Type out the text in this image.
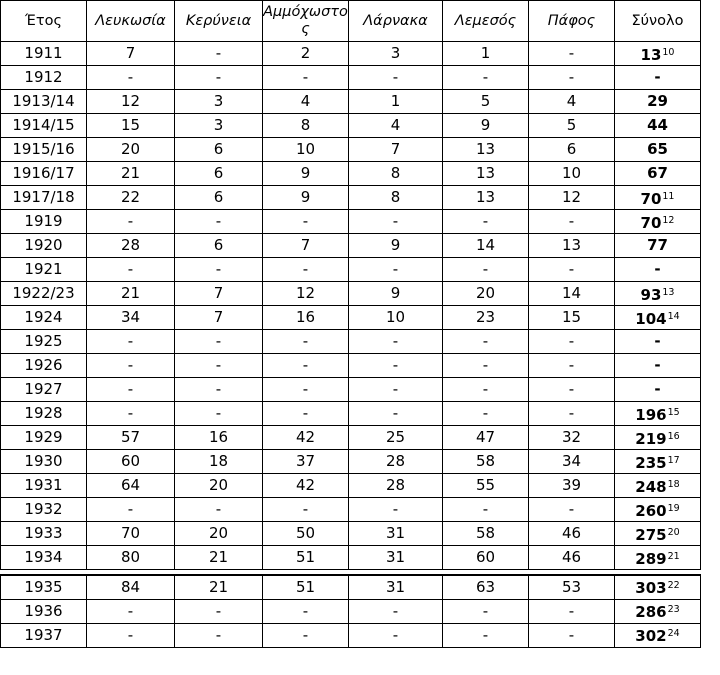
Έτος	Λευκωσία	Κερύνεια	Αμμόχωστος	Λάρνακα	Λεμεσός	Πάφος	Σύνολο
1911	7	-	2	3	1	-	$13^{10}$
1912	-	-	-	-	-	-	-
1913/14	12	3	4	1	5	4	29
1914/15	15	3	8	4	9	5	44
1915/16	20	6	10	7	13	6	65
1916/17	21	6	9	8	13	10	67
1917/18	22	6	9	8	13	12	$70^{11}$
1919	-	-	-	-	-	-	$70^{12}$
1920	28	6	7	9	14	13	77
1921	-	-	-	-	-	-	-
1922/23	21	7	12	9	20	14	$93^{13}$
1924	34	7	16	10	23	15	$104^{14}$
1925	-	-	-	-	-	-	-
1926	-	-	-	-	-	-	-
1927	-	-	-	-	-	-	-
1928	-	-	-	-	-	-	$196^{15}$
1929	57	16	42	25	47	32	$219^{16}$
1930	60	18	37	28	58	34	$235^{17}$
1931	64	20	42	28	55	39	$248^{18}$
1932	-	-	-	-	-	-	$260^{19}$
1933	70	20	50	31	58	46	$275^{20}$
1934	80	21	51	31	60	46	$289^{21}$

1935	84	21	51	31	63	53	$303^{22}$
1936	-	-	-	-	-	-	$286^{23}$
1937	-	-	-	-	-	-	$302^{24}$
